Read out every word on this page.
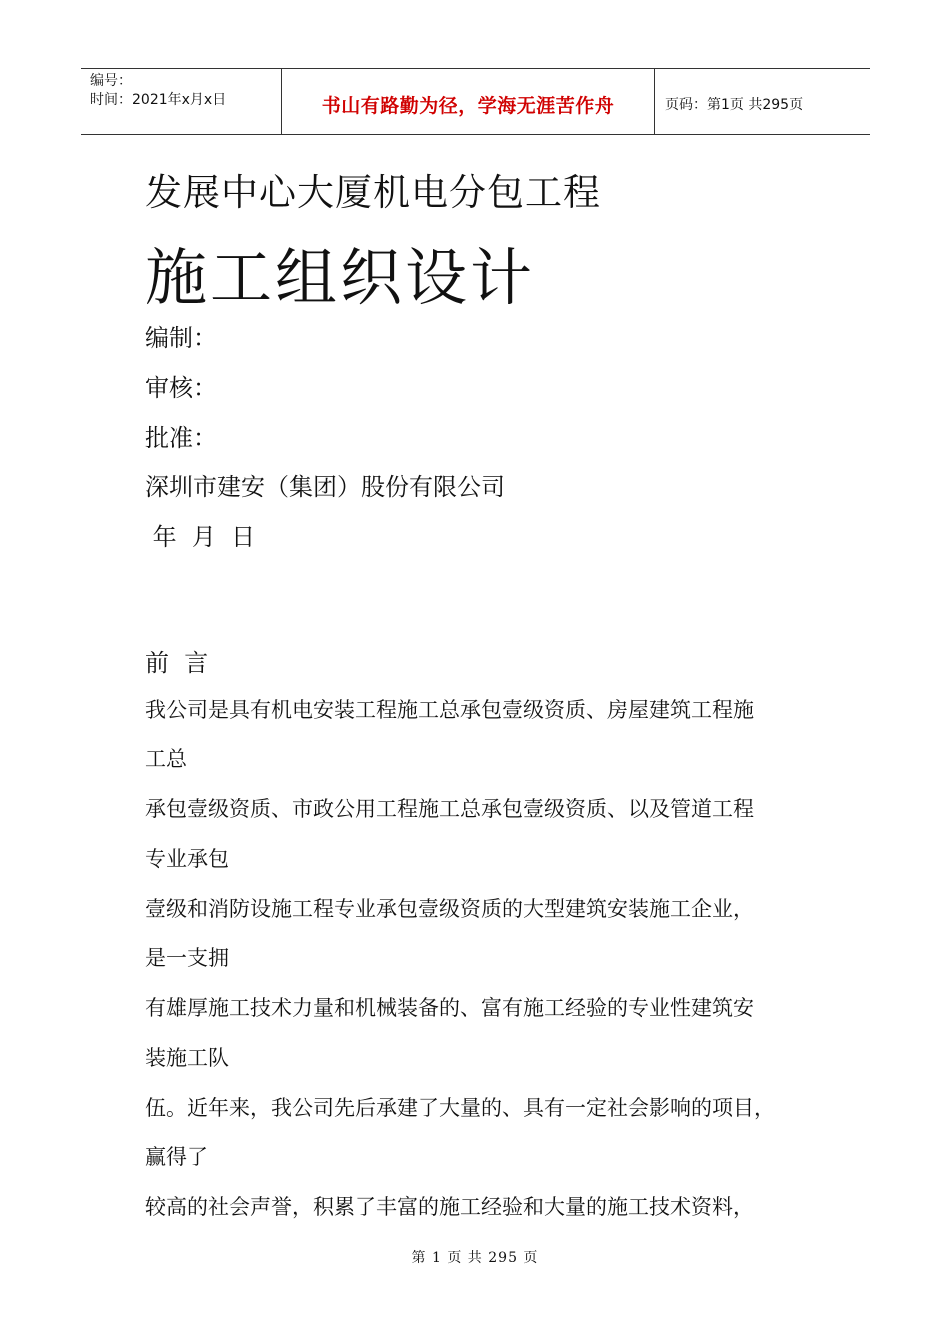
编号：
时间：2021年x月x日	书山有路勤为径，学海无涯苦作舟	页码：第1页 共295页
发展中心大厦机电分包工程
施工组织设计
编制：
审核：
批准：
深圳市建安（集团）股份有限公司
年  月  日
前  言
我公司是具有机电安装工程施工总承包壹级资质、房屋建筑工程施
工总
承包壹级资质、市政公用工程施工总承包壹级资质、以及管道工程
专业承包
壹级和消防设施工程专业承包壹级资质的大型建筑安装施工企业，
是一支拥
有雄厚施工技术力量和机械装备的、富有施工经验的专业性建筑安
装施工队
伍。近年来，我公司先后承建了大量的、具有一定社会影响的项目，
赢得了
较高的社会声誉，积累了丰富的施工经验和大量的施工技术资料，
第 1 页 共 295 页
